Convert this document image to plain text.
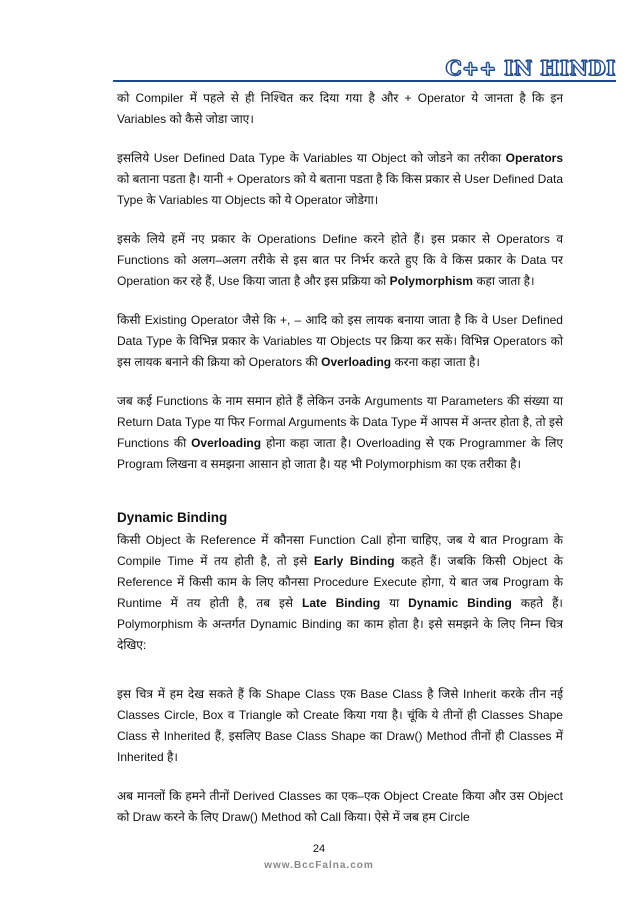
C++ IN HINDI

को Compiler में पहले से ही निश्चित कर दिया गया है और + Operator ये जानता है कि इन Variables को कैसे जोडा जाए।

इसलिये User Defined Data Type के Variables या Object को जोडने का तरीका Operators को बताना पडता है। यानी + Operators को ये बताना पडता है कि किस प्रकार से User Defined Data Type के Variables या Objects को ये Operator जोडेगा।

इसके लिये हमें नए प्रकार के Operations Define करने होते हैं। इस प्रकार से Operators व Functions को अलग–अलग तरीके से इस बात पर निर्भर करते हुए कि वे किस प्रकार के Data पर Operation कर रहे हैं, Use किया जाता है और इस प्रक्रिया को Polymorphism कहा जाता है।

किसी Existing Operator जैसे कि +, – आदि को इस लायक बनाया जाता है कि वे User Defined Data Type के विभिन्न प्रकार के Variables या Objects पर क्रिया कर सकें। विभिन्न Operators को इस लायक बनाने की क्रिया को Operators की Overloading करना कहा जाता है।

जब कई Functions के नाम समान होते हैं लेकिन उनके Arguments या Parameters की संख्या या Return Data Type या फिर Formal Arguments के Data Type में आपस में अन्तर होता है, तो इसे Functions की Overloading होना कहा जाता है। Overloading से एक Programmer के लिए Program लिखना व समझना आसान हो जाता है। यह भी Polymorphism का एक तरीका है।

Dynamic Binding

किसी Object के Reference में कौनसा Function Call होना चाहिए, जब ये बात Program के Compile Time में तय होती है, तो इसे Early Binding कहते हैं। जबकि किसी Object के Reference में किसी काम के लिए कौनसा Procedure Execute होगा, ये बात जब Program के Runtime में तय होती है, तब इसे Late Binding या Dynamic Binding कहते हैं। Polymorphism के अन्तर्गत Dynamic Binding का काम होता है। इसे समझने के लिए निम्न चित्र देखिए:

इस चित्र में हम देख सकते हैं कि Shape Class एक Base Class है जिसे Inherit करके तीन नई Classes Circle, Box व Triangle को Create किया गया है। चूंकि ये तीनों ही Classes Shape Class से Inherited हैं, इसलिए Base Class Shape का Draw() Method तीनों ही Classes में Inherited है।

अब मानलों कि हमने तीनों Derived Classes का एक–एक Object Create किया और उस Object को Draw करने के लिए Draw() Method को Call किया। ऐसे में जब हम Circle

24
www.BccFalna.com
